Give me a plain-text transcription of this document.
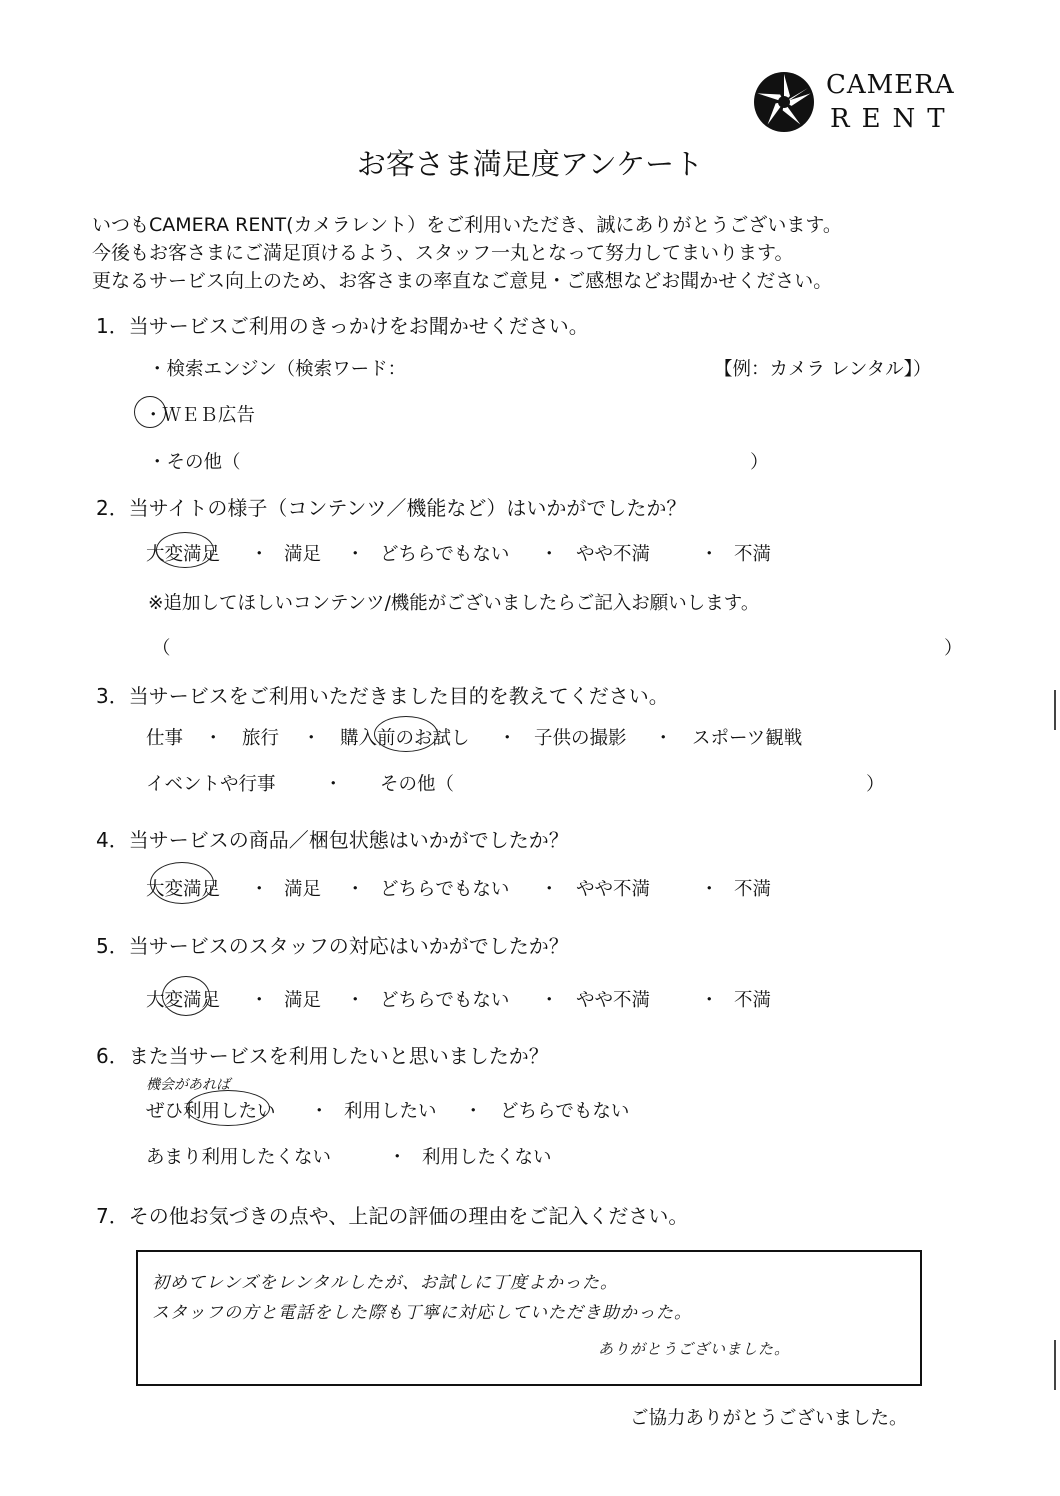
CAMERA
RENT
お客さま満足度アンケート
いつもCAMERA RENT(カメラレント）をご利用いただき、誠にありがとうございます。
今後もお客さまにご満足頂けるよう、スタッフ一丸となって努力してまいります。
更なるサービス向上のため、お客さまの率直なご意見・ご感想などお聞かせください。
1．当サービスご利用のきっかけをお聞かせください。
・検索エンジン（検索ワード：	【例：カメラ レンタル】）
・ＷＥＢ広告
・その他（	）
2．当サイトの様子（コンテンツ／機能など）はいかがでしたか？
大変満足 ・ 満足 ・ どちらでもない ・ やや不満	・ 不満
※追加してほしいコンテンツ/機能がございましたらご記入お願いします。
（	）
3．当サービスをご利用いただきました目的を教えてください。
仕事 ・ 旅行 ・ 購入前のお試し ・ 子供の撮影 ・ スポーツ観戦
イベントや行事	・ その他（	）
4．当サービスの商品／梱包状態はいかがでしたか？
大変満足 ・ 満足 ・ どちらでもない ・ やや不満	・ 不満
5．当サービスのスタッフの対応はいかがでしたか？
大変満足 ・ 満足 ・ どちらでもない ・ やや不満	・ 不満
6．また当サービスを利用したいと思いましたか？
機会があれば
ぜひ利用したい ・ 利用したい ・ どちらでもない
あまり利用したくない	・ 利用したくない
7．その他お気づきの点や、上記の評価の理由をご記入ください。
初めてレンズをレンタルしたが、お試しに丁度よかった。
スタッフの方と電話をした際も丁寧に対応していただき助かった。
ありがとうございました。
ご協力ありがとうございました。
